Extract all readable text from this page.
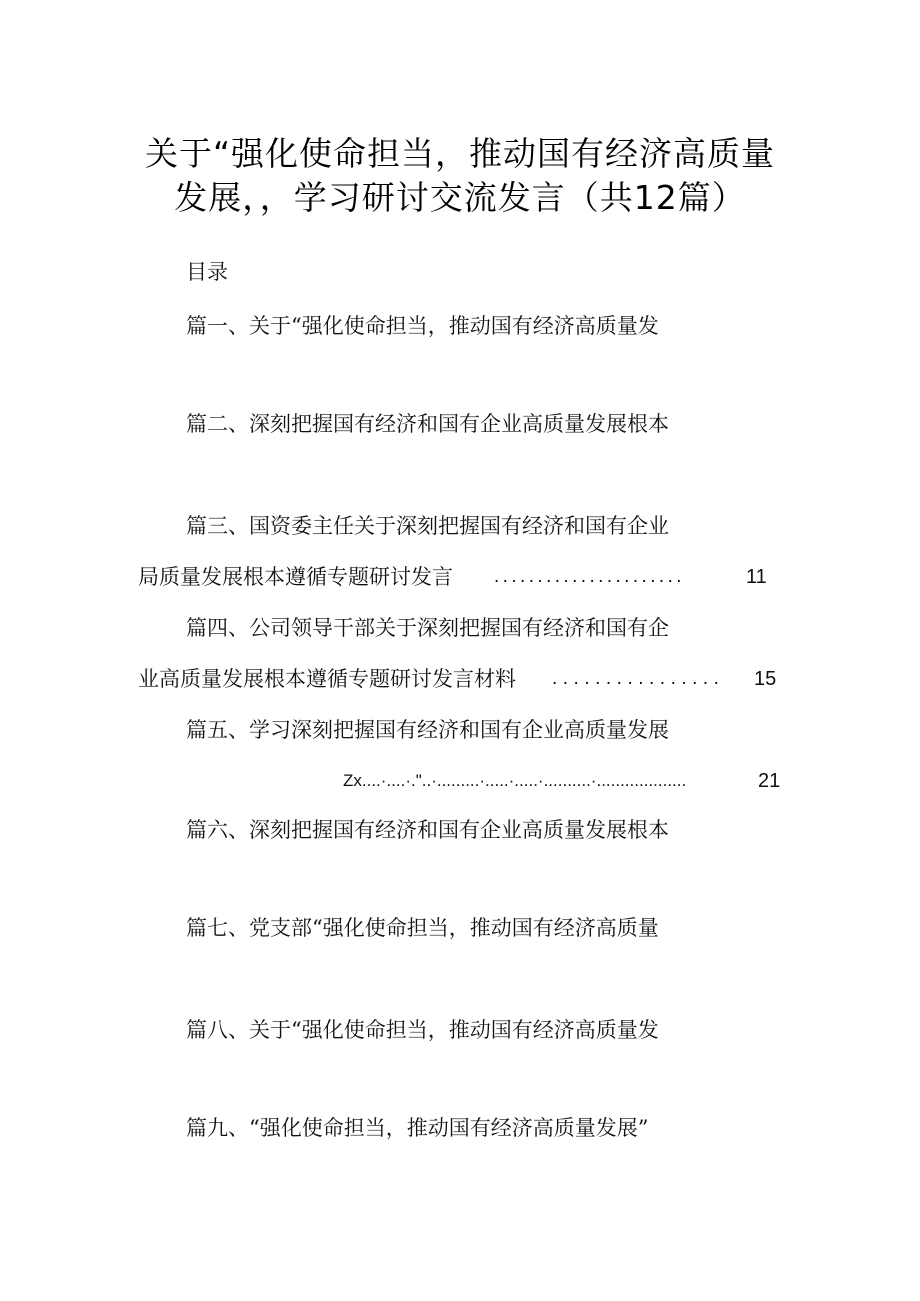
关于“强化使命担当，推动国有经济高质量
发展，，学习研讨交流发言（共12篇）
目录
篇一、关于“强化使命担当，推动国有经济高质量发
篇二、深刻把握国有经济和国有企业高质量发展根本
篇三、国资委主任关于深刻把握国有经济和国有企业
局质量发展根本遵循专题研讨发言 ......................	11
篇四、公司领导干部关于深刻把握国有经济和国有企
业高质量发展根本遵循专题研讨发言材料 ................ 15
篇五、学习深刻把握国有经济和国有企业高质量发展
Zx....·....·."..·.........·.....·.....·..........·...................	21
篇六、深刻把握国有经济和国有企业高质量发展根本
篇七、党支部“强化使命担当，推动国有经济高质量
篇八、关于“强化使命担当，推动国有经济高质量发
篇九、“强化使命担当，推动国有经济高质量发展”
